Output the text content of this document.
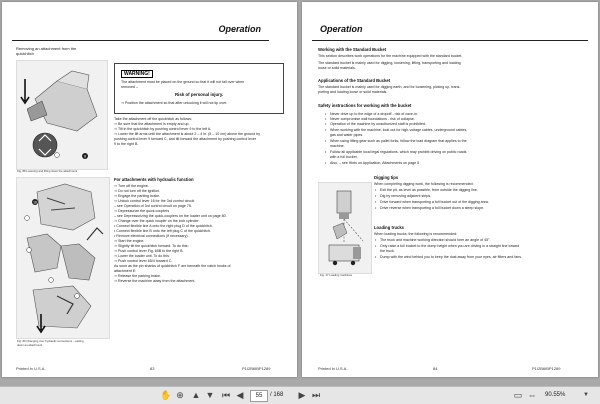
Operation
Removing an attachment from the
quickhitch
9
Fig. 88 Lowering and lifting down the attachment
WARNING!
The attachment must be placed on the ground so that it will not fall over when
removed –
Risk of personal injury.
⇒ Position the attachment so that after unlocking it will not tip over.
Take the attachment off the quickhitch as follows:
⇒ Be sure that the attachment is empty and up.
⇒ Tilt in the quickhitch by pushing control lever 9 to the left A.
⇒ Lower the lift arms until the attachment is about 2 – 4 in. (5 – 10 cm) above the ground by
pushing control lever 9 forward C, and tilt forward the attachment by pushing control lever
9 to the right B.
For attachments with hydraulic function
⇒ Turn off the engine.
⇒ Do not turn off the ignition.
⇒ Engage the parking brake.
⇒ Unlock control lever 16 for the 3rd control circuit.
– see Operation of 3rd control circuit on page 75.
⇒ Depressurize the quick couplers
– see Depressurizing the quick-couplers on the loader unit on page 80.
⇒ Change over the quick coupler on the lock cylinder:
• Connect flexible line A onto the right plug D of the quickhitch.
• Connect flexible line B onto the left plug C of the quickhitch.
• Remove electrical connections (if necessary).
⇒ Start the engine.
⇒ Slightly tilt the quickhitch forward. To do this:
⇒ Push control lever Fig. 65B to the right B.
⇒ Lower the loader unit. To do this:
⇒ Push control lever 65/4 forward C.
As soon as the pin shanks of quickhitch F are beneath the catch hooks of
attachment E:
⇒ Release the parking brake.
⇒ Reverse the machine away from the attachment.
16
Fig. 89 Changing over hydraulic connections – setting
down an attachment
Printed in U.S.A.	83	P1I2B6IBP1289
Operation
Working with the Standard Bucket
This section describes work operations for the machine equipped with the standard bucket.
The standard bucket is mainly used for digging, loosening, lifting, transporting and loading
loose or solid materials.
Applications of the Standard Bucket
The standard bucket is mainly used for digging earth, and for loosening, picking up, trans-
porting and loading loose or solid materials.
Safety instructions for working with the bucket
• Never drive up to the edge of a dropoff - risk of cave-in.
• Never compromise wall foundations - risk of collapse.
• Operation of the machine by unauthorized staff is prohibited.
• When working with the machine, look out for high-voltage cables, underground cables,
gas and water pipes.
• When using lifting gear such as pallet forks, follow the load diagram that applies to the
machine.
• Follow all applicable local legal regulations, which may prohibit driving on public roads
with a full bucket.
• Also, – see Hints on Application, Attachments on page 5
Digging tips
When completing digging work, the following is recommended:
• Exit the pit, as level as possible, from outside the digging line.
• Dig by removing adjacent strips.
• Drive forward when transporting a full bucket out of the digging area.
• Drive reverse when transporting a full bucket down a steep slope.
Loading trucks
When loading trucks, the following is recommended:
• The truck and machine working direction should form an angle of 45°.
• Only raise a full bucket to the dump height when you are driving in a straight line toward
the truck.
• Dump with the wind behind you to keep the dust away from your eyes, air filters and fans.
Fig. 47 Loading machines
Printed in U.S.A.	84	P1I2B6IBP1289
✋ ⊕ ▲ ▼ ⏮ ◀	55	/ 168 ▶ ⏭	▭ ⇔ 90.55%	▼
